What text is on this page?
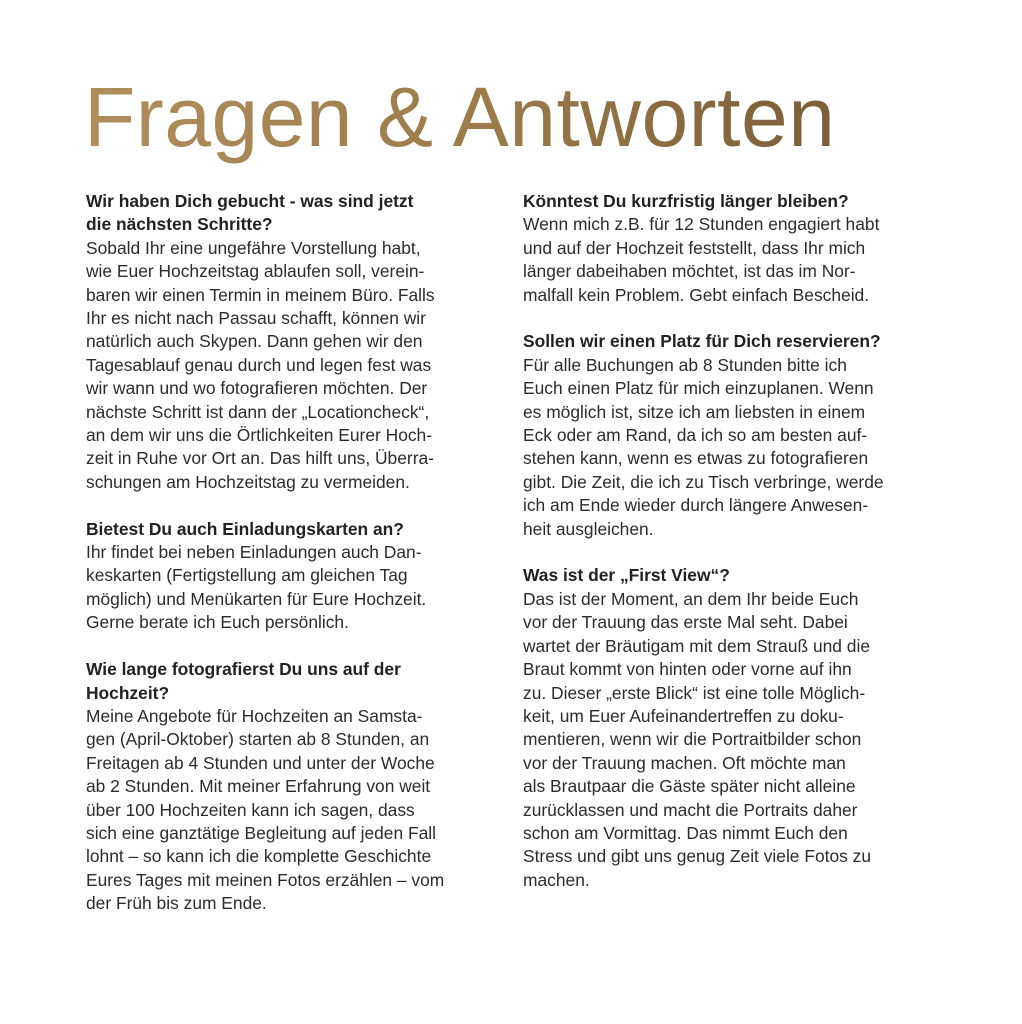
Fragen & Antworten

Wir haben Dich gebucht - was sind jetzt
die nächsten Schritte?

Sobald Ihr eine ungefähre Vorstellung habt,
wie Euer Hochzeitstag ablaufen soll, verein-
baren wir einen Termin in meinem Büro. Falls
Ihr es nicht nach Passau schafft, können wir
natürlich auch Skypen. Dann gehen wir den
Tagesablauf genau durch und legen fest was
wir wann und wo fotografieren möchten. Der
nächste Schritt ist dann der „Locationcheck“,
an dem wir uns die Örtlichkeiten Eurer Hoch-
zeit in Ruhe vor Ort an. Das hilft uns, Überra-
schungen am Hochzeitstag zu vermeiden.

Bietest Du auch Einladungskarten an?

Ihr findet bei neben Einladungen auch Dan-
keskarten (Fertigstellung am gleichen Tag
möglich) und Menükarten für Eure Hochzeit.
Gerne berate ich Euch persönlich.

Wie lange fotografierst Du uns auf der
Hochzeit?

Meine Angebote für Hochzeiten an Samsta-
gen (April-Oktober) starten ab 8 Stunden, an
Freitagen ab 4 Stunden und unter der Woche
ab 2 Stunden. Mit meiner Erfahrung von weit
über 100 Hochzeiten kann ich sagen, dass
sich eine ganztätige Begleitung auf jeden Fall
lohnt – so kann ich die komplette Geschichte
Eures Tages mit meinen Fotos erzählen – vom
der Früh bis zum Ende.

Könntest Du kurzfristig länger bleiben?

Wenn mich z.B. für 12 Stunden engagiert habt
und auf der Hochzeit feststellt, dass Ihr mich
länger dabeihaben möchtet, ist das im Nor-
malfall kein Problem. Gebt einfach Bescheid.

Sollen wir einen Platz für Dich reservieren?

Für alle Buchungen ab 8 Stunden bitte ich
Euch einen Platz für mich einzuplanen. Wenn
es möglich ist, sitze ich am liebsten in einem
Eck oder am Rand, da ich so am besten auf-
stehen kann, wenn es etwas zu fotografieren
gibt. Die Zeit, die ich zu Tisch verbringe, werde
ich am Ende wieder durch längere Anwesen-
heit ausgleichen.

Was ist der „First View“?

Das ist der Moment, an dem Ihr beide Euch
vor der Trauung das erste Mal seht. Dabei
wartet der Bräutigam mit dem Strauß und die
Braut kommt von hinten oder vorne auf ihn
zu. Dieser „erste Blick“ ist eine tolle Möglich-
keit, um Euer Aufeinandertreffen zu doku-
mentieren, wenn wir die Portraitbilder schon
vor der Trauung machen. Oft möchte man
als Brautpaar die Gäste später nicht alleine
zurücklassen und macht die Portraits daher
schon am Vormittag. Das nimmt Euch den
Stress und gibt uns genug Zeit viele Fotos zu
machen.
